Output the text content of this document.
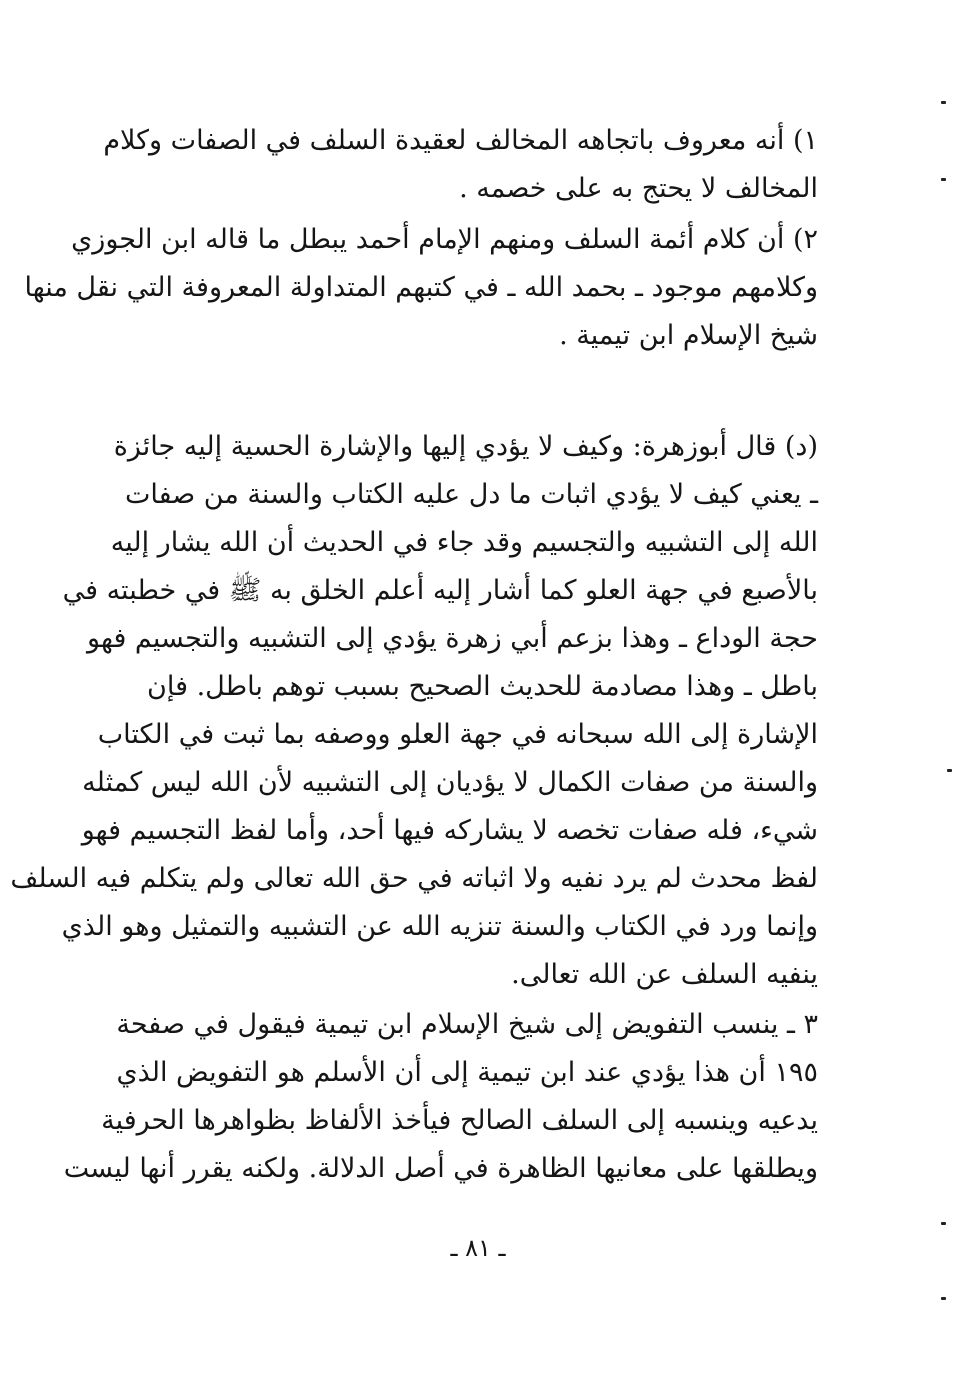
١) أنه معروف باتجاهه المخالف لعقيدة السلف في الصفات وكلام
المخالف لا يحتج به على خصمه .
٢) أن كلام أئمة السلف ومنهم الإمام أحمد يبطل ما قاله ابن الجوزي
وكلامهم موجود ـ بحمد الله ـ في كتبهم المتداولة المعروفة التي نقل منها
شيخ الإسلام ابن تيمية .
(د) قال أبوزهرة: وكيف لا يؤدي إليها والإشارة الحسية إليه جائزة
ـ يعني كيف لا يؤدي اثبات ما دل عليه الكتاب والسنة من صفات
الله إلى التشبيه والتجسيم وقد جاء في الحديث أن الله يشار إليه
بالأصبع في جهة العلو كما أشار إليه أعلم الخلق به ﷺ في خطبته في
حجة الوداع ـ وهذا بزعم أبي زهرة يؤدي إلى التشبيه والتجسيم فهو
باطل ـ وهذا مصادمة للحديث الصحيح بسبب توهم باطل. فإن
الإشارة إلى الله سبحانه في جهة العلو ووصفه بما ثبت في الكتاب
والسنة من صفات الكمال لا يؤديان إلى التشبيه لأن الله ليس كمثله
شيء، فله صفات تخصه لا يشاركه فيها أحد، وأما لفظ التجسيم فهو
لفظ محدث لم يرد نفيه ولا اثباته في حق الله تعالى ولم يتكلم فيه السلف
وإنما ورد في الكتاب والسنة تنزيه الله عن التشبيه والتمثيل وهو الذي
ينفيه السلف عن الله تعالى.
٣ ـ ينسب التفويض إلى شيخ الإسلام ابن تيمية فيقول في صفحة
١٩٥ أن هذا يؤدي عند ابن تيمية إلى أن الأسلم هو التفويض الذي
يدعيه وينسبه إلى السلف الصالح فيأخذ الألفاظ بظواهرها الحرفية
ويطلقها على معانيها الظاهرة في أصل الدلالة. ولكنه يقرر أنها ليست
ـ ٨١ ـ
